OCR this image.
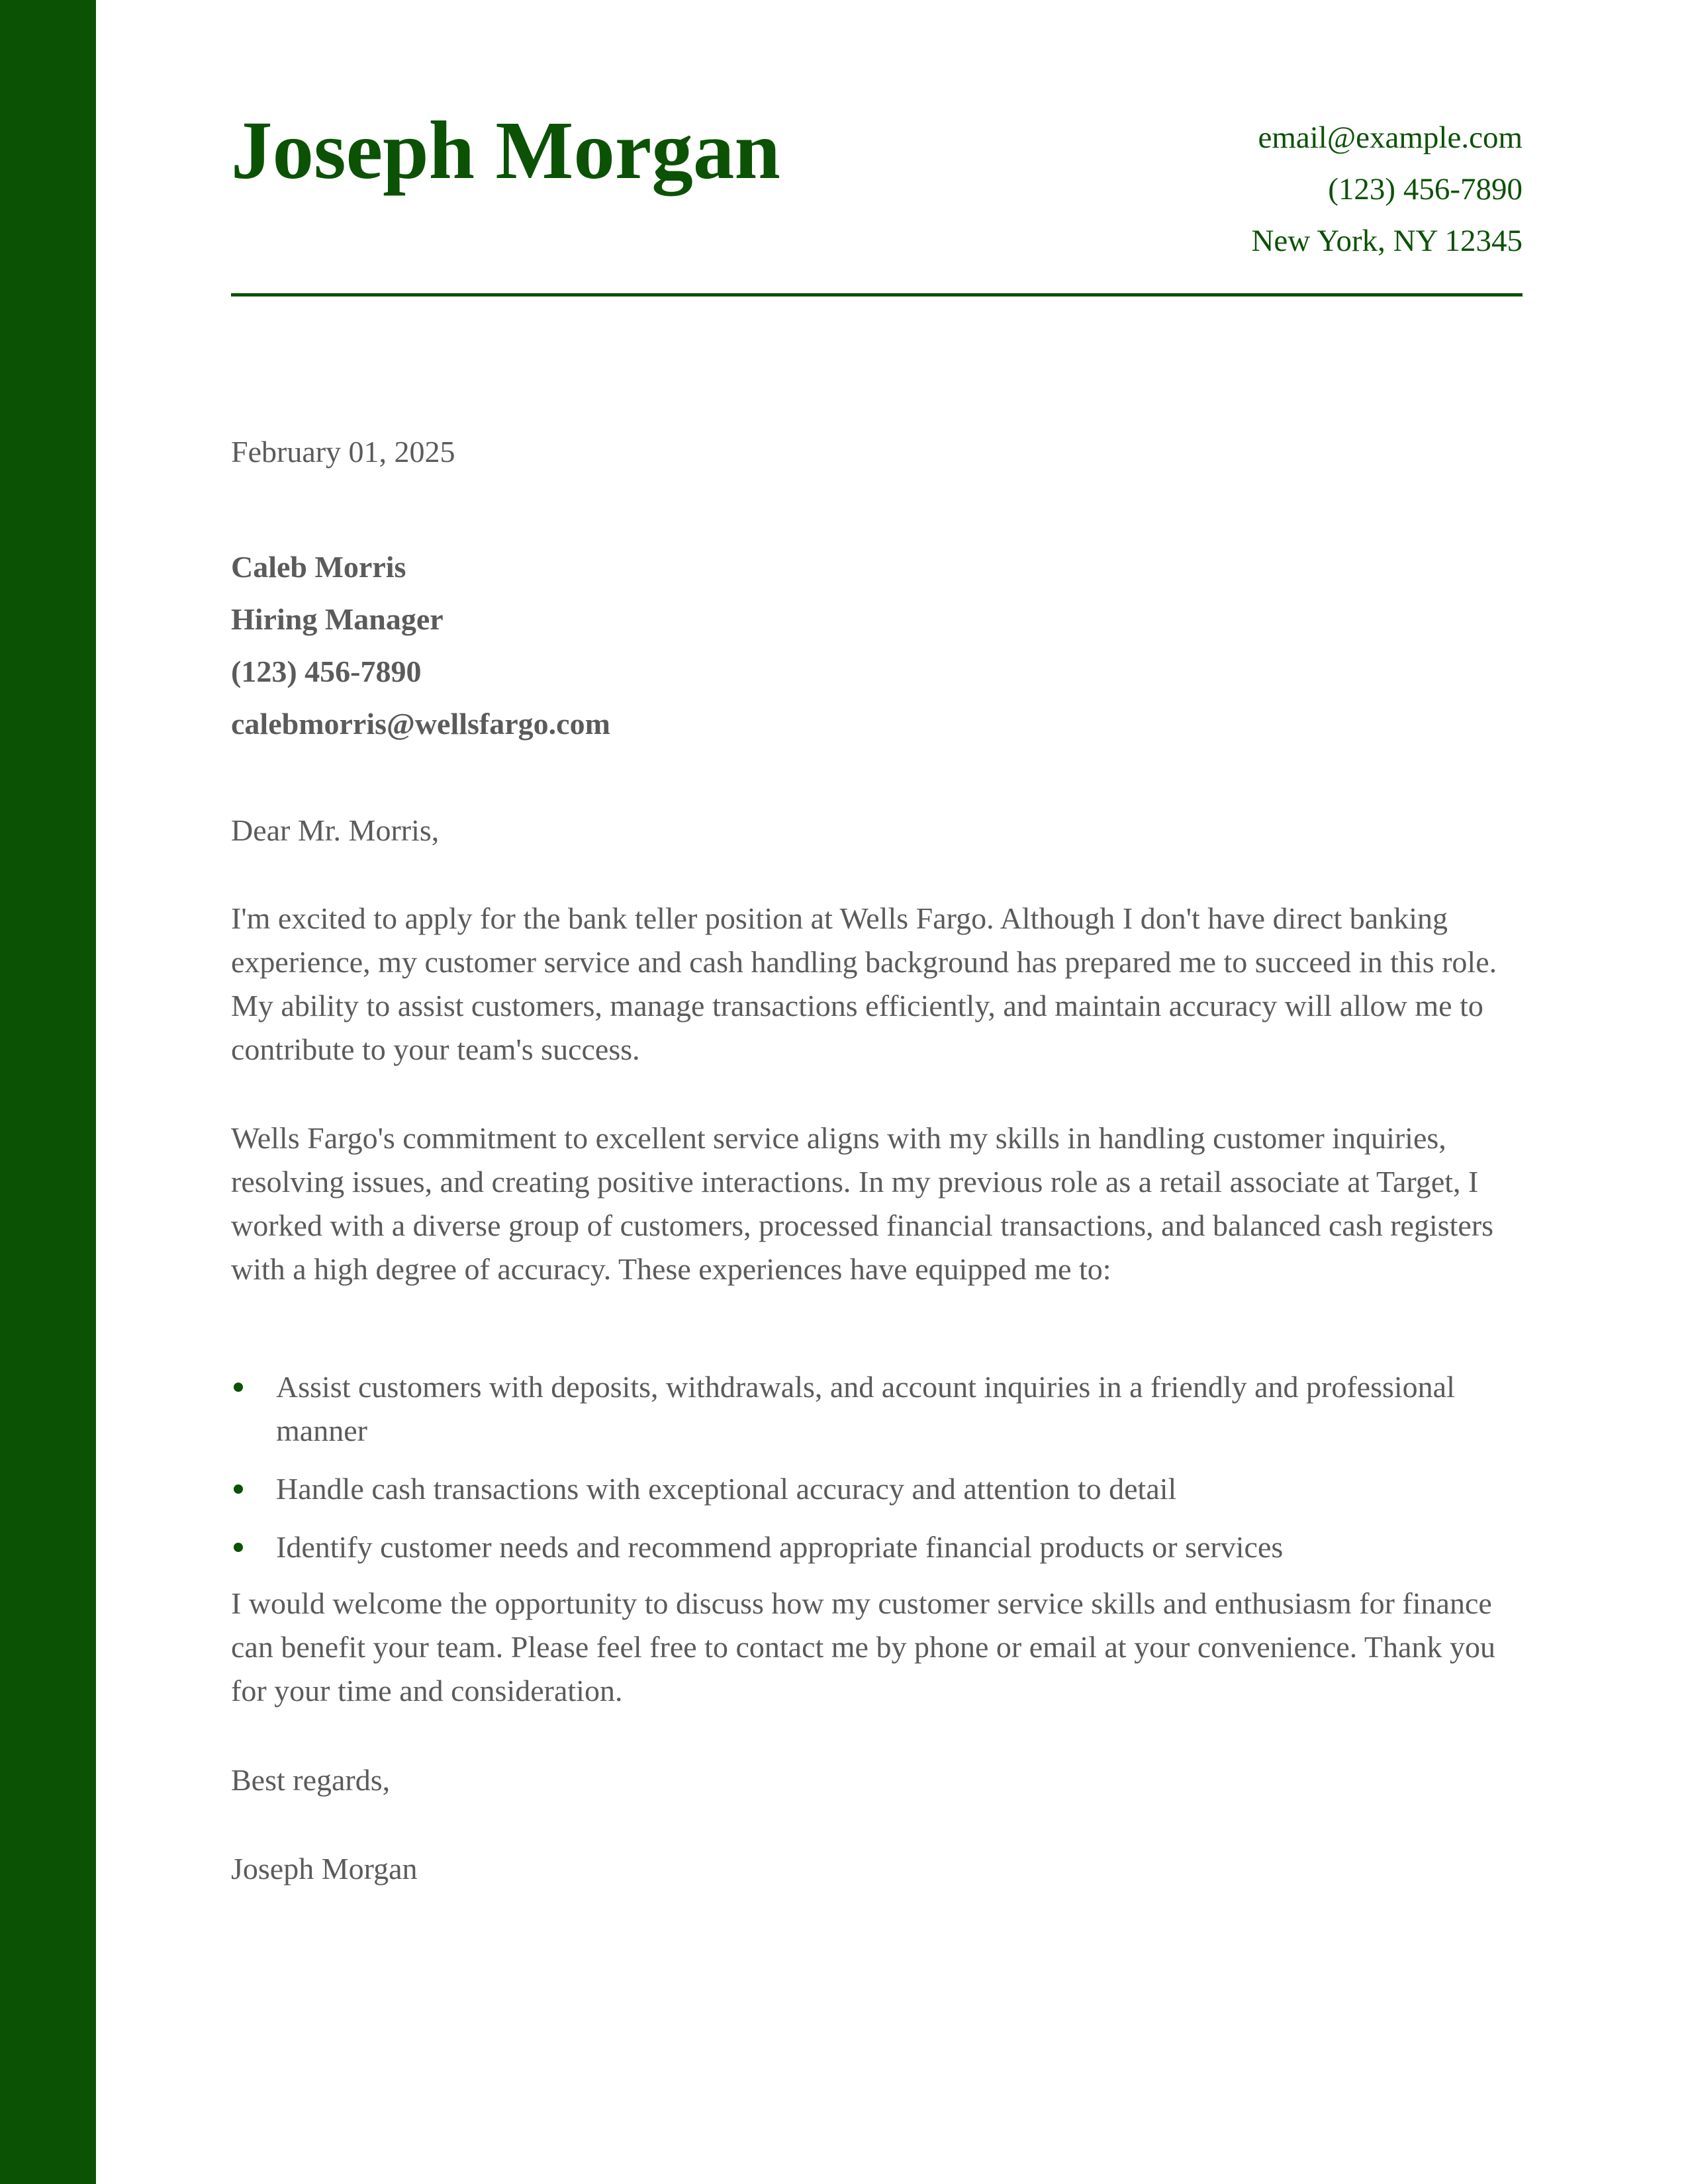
Joseph Morgan	email@example.com
(123) 456-7890
New York, NY 12345
February 01, 2025
Caleb Morris
Hiring Manager
(123) 456-7890
calebmorris@wellsfargo.com
Dear Mr. Morris,

I'm excited to apply for the bank teller position at Wells Fargo. Although I don't have direct banking experience, my customer service and cash handling background has prepared me to succeed in this role. My ability to assist customers, manage transactions efficiently, and maintain accuracy will allow me to contribute to your team's success.

Wells Fargo's commitment to excellent service aligns with my skills in handling customer inquiries, resolving issues, and creating positive interactions. In my previous role as a retail associate at Target, I worked with a diverse group of customers, processed financial transactions, and balanced cash registers with a high degree of accuracy. These experiences have equipped me to:

Assist customers with deposits, withdrawals, and account inquiries in a friendly and professional manner
Handle cash transactions with exceptional accuracy and attention to detail
Identify customer needs and recommend appropriate financial products or services

I would welcome the opportunity to discuss how my customer service skills and enthusiasm for finance can benefit your team. Please feel free to contact me by phone or email at your convenience. Thank you for your time and consideration.

Best regards,
Joseph Morgan
